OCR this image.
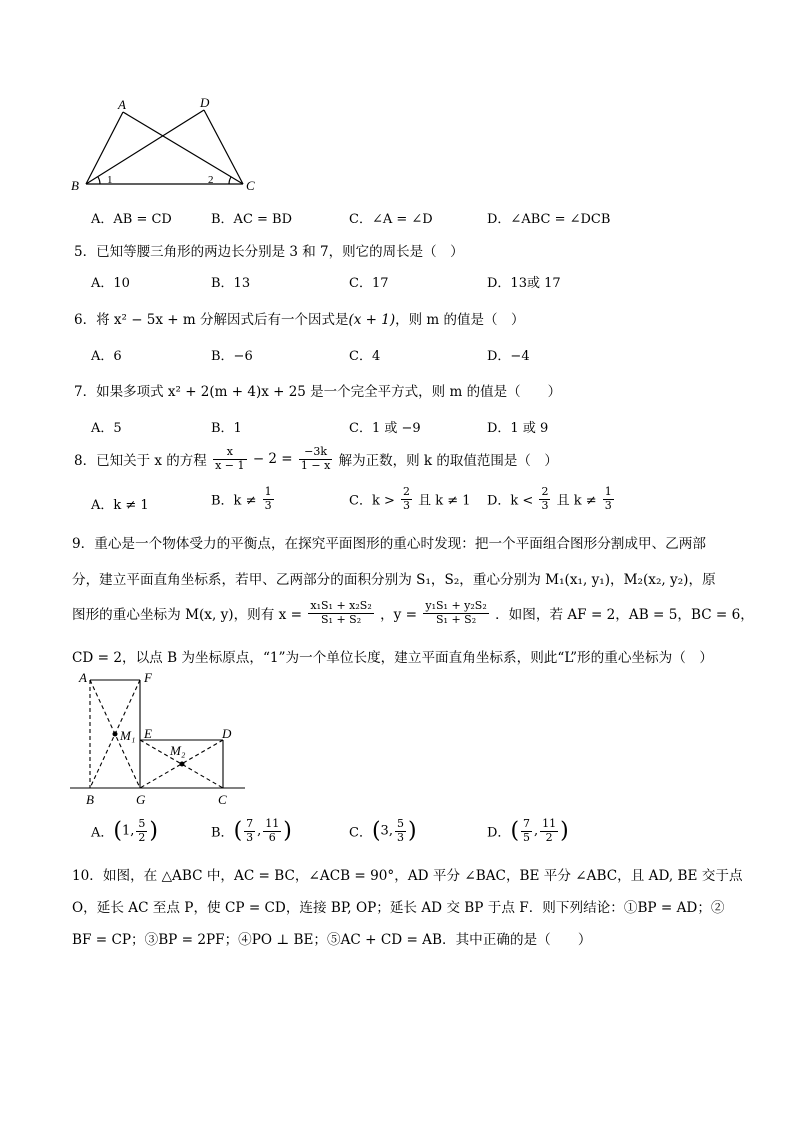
A	D
B	C
1	2
A．AB = CD	B．AC = BD	C．∠A = ∠D	D．∠ABC = ∠DCB
5．已知等腰三角形的两边长分别是 3 和 7，则它的周长是（　）
A．10	B．13	C．17	D．13或 17
6．将 x² − 5x + m 分解因式后有一个因式是(x + 1)，则 m 的值是（　）
A．6	B．−6	C．4	D．−4
7．如果多项式 x² + 2(m + 4)x + 25 是一个完全平方式，则 m 的值是（　　）
A．5	B．1	C．1 或 −9	D．1 或 9
8．已知关于 x 的方程 $\frac{x}{x - 1} - 2 = \frac{-3k}{1 - x}$ 解为正数，则 k 的取值范围是（　）
A．k ≠ 1	B．$k \ne \frac{1}{3}$	C．$k > \frac{2}{3}$ 且 k ≠ 1 D．$k < \frac{2}{3}$ 且 $k \ne \frac{1}{3}$
9．重心是一个物体受力的平衡点，在探究平面图形的重心时发现：把一个平面组合图形分割成甲、乙两部
分，建立平面直角坐标系，若甲、乙两部分的面积分别为 S₁，S₂，重心分别为 M₁(x₁, y₁)，M₂(x₂, y₂)，原
图形的重心坐标为 M(x, y)，则有 $x = \frac{\text{x₁S₁ + x₂S₂}}{\text{S₁ + S₂}}$ ，$y = \frac{\text{y₁S₁ + y₂S₂}}{\text{S₁ + S₂}}$ ．如图，若 AF = 2，AB = 5，BC = 6，
CD = 2，以点 B 为坐标原点，“1”为一个单位长度，建立平面直角坐标系，则此“L”形的重心坐标为（　）
A	F
E	D
M₁
M₂
B	G	C
A．(1, $\frac{5}{2}$ )	B．( $\frac{7}{3}$ , $\frac{11}{6}$ )	C．(3, $\frac{5}{3}$ )	D．( $\frac{7}{5}$ , $\frac{11}{2}$ )
10．如图，在 △ABC 中，AC = BC，∠ACB = 90°，AD 平分 ∠BAC，BE 平分 ∠ABC，且 AD, BE 交于点
O，延长 AC 至点 P，使 CP = CD，连接 BP, OP；延长 AD 交 BP 于点 F．则下列结论：①BP = AD；②
BF = CP；③BP = 2PF；④PO ⊥ BE；⑤AC + CD = AB．其中正确的是（　　）
